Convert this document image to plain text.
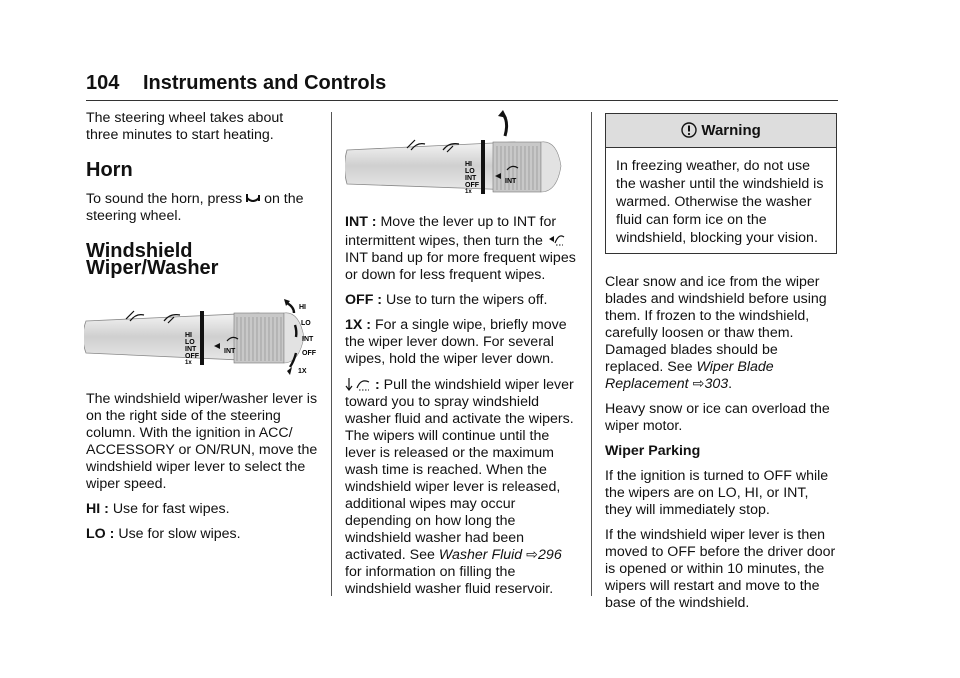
104 Instruments and Controls

The steering wheel takes about three minutes to start heating.

Horn

To sound the horn, press on the steering wheel.

Windshield Wiper/Washer
HI
LO
INT
OFF
1x
INT
HI
LO
INT
OFF
1X

The windshield wiper/washer lever is on the right side of the steering column. With the ignition in ACC/ ACCESSORY or ON/RUN, move the windshield wiper lever to select the wiper speed.

HI : Use for fast wipes.

LO : Use for slow wipes.

HI
LO
INT
OFF
1x
INT

INT : Move the lever up to INT for intermittent wipes, then turn the  INT band up for more frequent wipes or down for less frequent wipes.

OFF : Use to turn the wipers off.

1X : For a single wipe, briefly move the wiper lever down. For several wipes, hold the wiper lever down.

: Pull the windshield wiper lever toward you to spray windshield washer fluid and activate the wipers. The wipers will continue until the lever is released or the maximum wash time is reached. When the windshield wiper lever is released, additional wipes may occur depending on how long the windshield washer had been activated. See Washer Fluid ⇨296 for information on filling the windshield washer fluid reservoir.

Warning
In freezing weather, do not use the washer until the windshield is warmed. Otherwise the washer fluid can form ice on the windshield, blocking your vision.

Clear snow and ice from the wiper blades and windshield before using them. If frozen to the windshield, carefully loosen or thaw them. Damaged blades should be replaced. See Wiper Blade Replacement ⇨303.

Heavy snow or ice can overload the wiper motor.

Wiper Parking

If the ignition is turned to OFF while the wipers are on LO, HI, or INT, they will immediately stop.

If the windshield wiper lever is then moved to OFF before the driver door is opened or within 10 minutes, the wipers will restart and move to the base of the windshield.
